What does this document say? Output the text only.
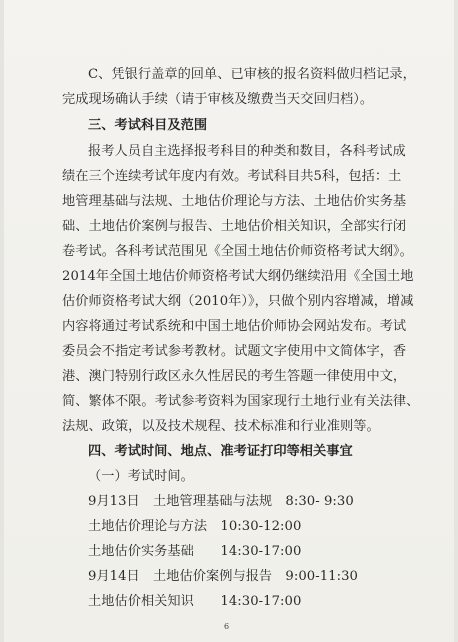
C、凭银行盖章的回单、已审核的报名资料做归档记录，
完成现场确认手续（请于审核及缴费当天交回归档）。
三、考试科目及范围
报考人员自主选择报考科目的种类和数目，各科考试成
绩在三个连续考试年度内有效。考试科目共5科，包括：土
地管理基础与法规、土地估价理论与方法、土地估价实务基
础、土地估价案例与报告、土地估价相关知识，全部实行闭
卷考试。各科考试范围见《全国土地估价师资格考试大纲》。
2014年全国土地估价师资格考试大纲仍继续沿用《全国土地
估价师资格考试大纲（2010年）》，只做个别内容增减，增减
内容将通过考试系统和中国土地估价师协会网站发布。考试
委员会不指定考试参考教材。试题文字使用中文简体字，香
港、澳门特别行政区永久性居民的考生答题一律使用中文，
简、繁体不限。考试参考资料为国家现行土地行业有关法律、
法规、政策，以及技术规程、技术标准和行业准则等。
四、考试时间、地点、准考证打印等相关事宜
（一）考试时间。
9月13日　土地管理基础与法规　8:30- 9:30
土地估价理论与方法　10:30-12:00
土地估价实务基础　　14:30-17:00
9月14日　土地估价案例与报告　9:00-11:30
土地估价相关知识　　14:30-17:00
6
